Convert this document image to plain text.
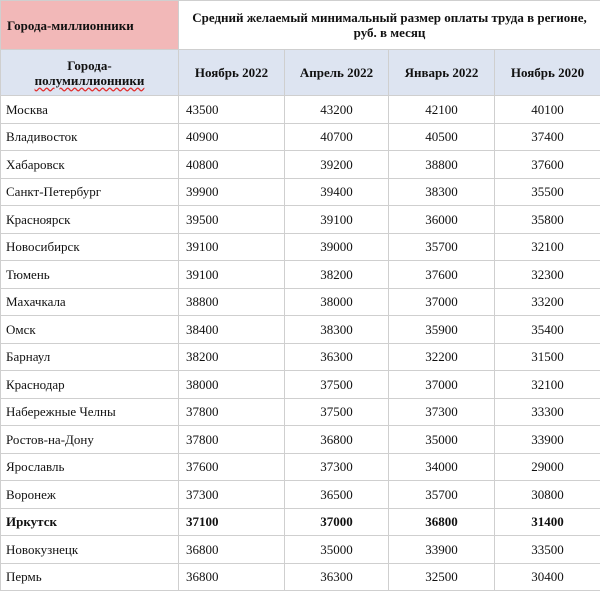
Города-миллионники	Средний желаемый минимальный размер оплаты труда в регионе, руб. в месяц			
Города-
полумиллионники	Ноябрь 2022	Апрель 2022	Январь 2022	Ноябрь 2020
Москва	43500	43200	42100	40100
Владивосток	40900	40700	40500	37400
Хабаровск	40800	39200	38800	37600
Санкт-Петербург	39900	39400	38300	35500
Красноярск	39500	39100	36000	35800
Новосибирск	39100	39000	35700	32100
Тюмень	39100	38200	37600	32300
Махачкала	38800	38000	37000	33200
Омск	38400	38300	35900	35400
Барнаул	38200	36300	32200	31500
Краснодар	38000	37500	37000	32100
Набережные Челны	37800	37500	37300	33300
Ростов-на-Дону	37800	36800	35000	33900
Ярославль	37600	37300	34000	29000
Воронеж	37300	36500	35700	30800
Иркутск	37100	37000	36800	31400
Новокузнецк	36800	35000	33900	33500
Пермь	36800	36300	32500	30400
